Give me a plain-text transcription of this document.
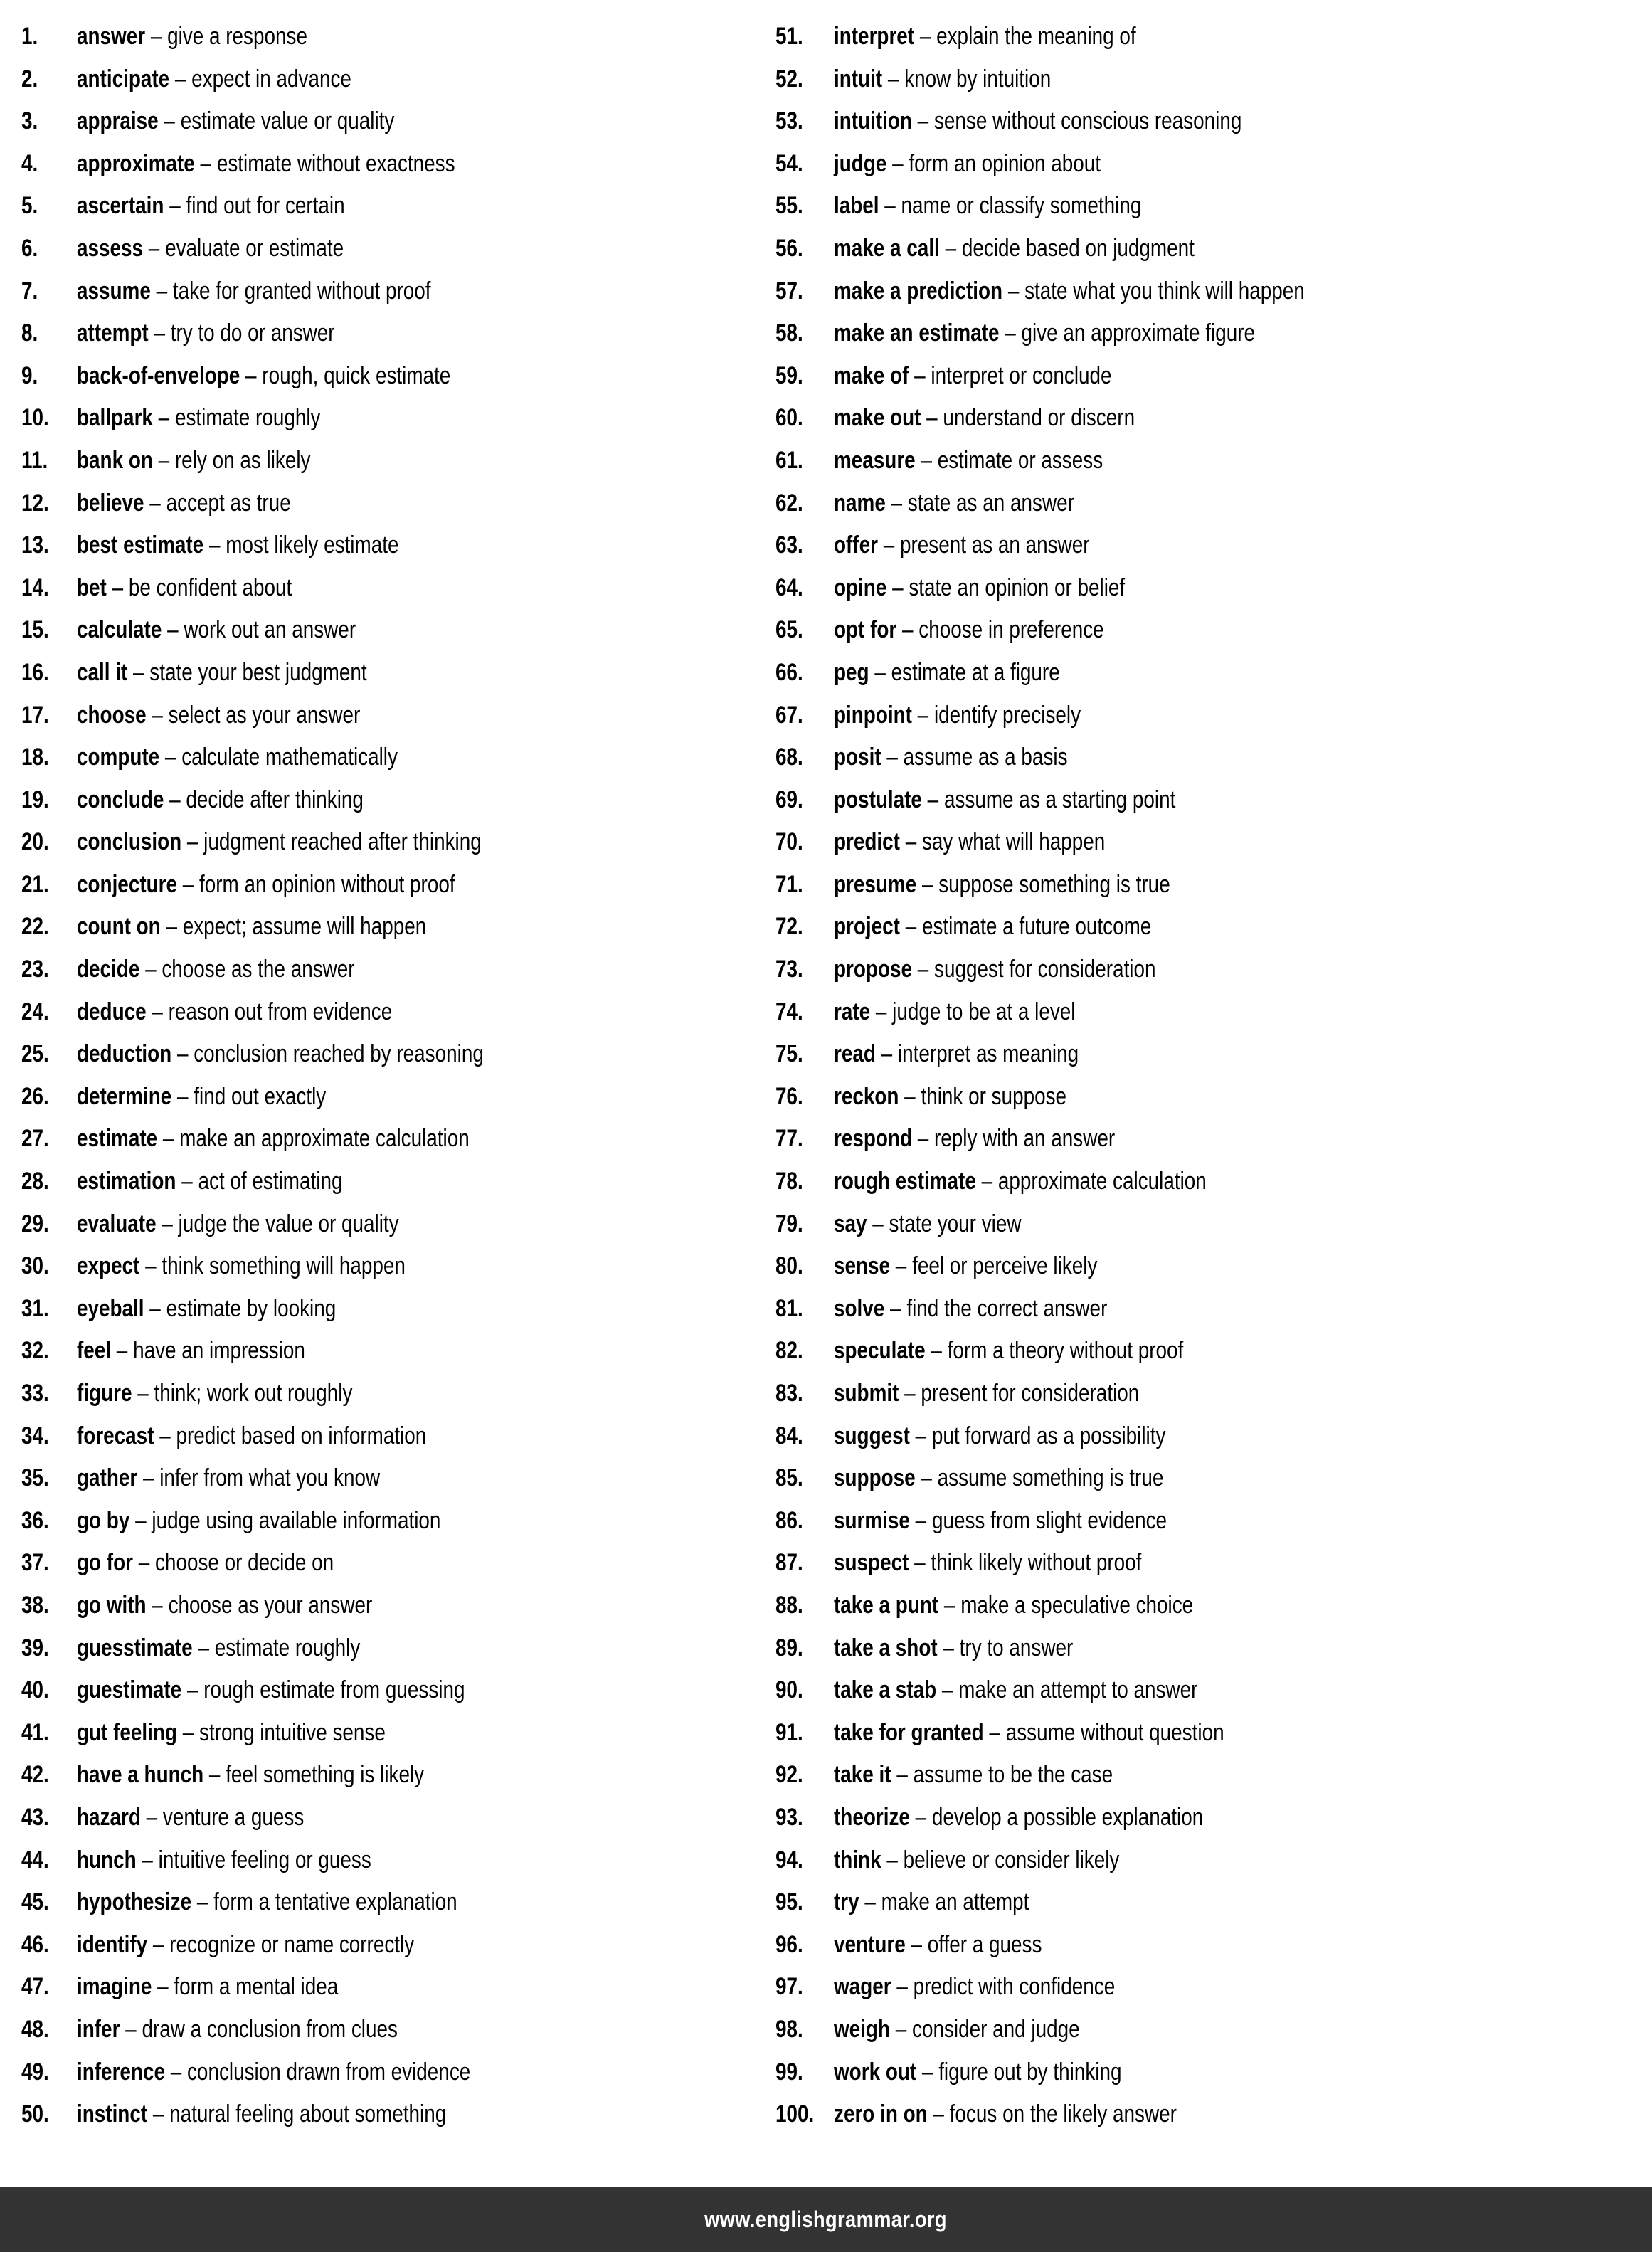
1.	answer – give a response
2.	anticipate – expect in advance
3.	appraise – estimate value or quality
4.	approximate – estimate without exactness
5.	ascertain – find out for certain
6.	assess – evaluate or estimate
7.	assume – take for granted without proof
8.	attempt – try to do or answer
9.	back-of-envelope – rough, quick estimate
10.	ballpark – estimate roughly
11.	bank on – rely on as likely
12.	believe – accept as true
13.	best estimate – most likely estimate
14.	bet – be confident about
15.	calculate – work out an answer
16.	call it – state your best judgment
17.	choose – select as your answer
18.	compute – calculate mathematically
19.	conclude – decide after thinking
20.	conclusion – judgment reached after thinking
21.	conjecture – form an opinion without proof
22.	count on – expect; assume will happen
23.	decide – choose as the answer
24.	deduce – reason out from evidence
25.	deduction – conclusion reached by reasoning
26.	determine – find out exactly
27.	estimate – make an approximate calculation
28.	estimation – act of estimating
29.	evaluate – judge the value or quality
30.	expect – think something will happen
31.	eyeball – estimate by looking
32.	feel – have an impression
33.	figure – think; work out roughly
34.	forecast – predict based on information
35.	gather – infer from what you know
36.	go by – judge using available information
37.	go for – choose or decide on
38.	go with – choose as your answer
39.	guesstimate – estimate roughly
40.	guestimate – rough estimate from guessing
41.	gut feeling – strong intuitive sense
42.	have a hunch – feel something is likely
43.	hazard – venture a guess
44.	hunch – intuitive feeling or guess
45.	hypothesize – form a tentative explanation
46.	identify – recognize or name correctly
47.	imagine – form a mental idea
48.	infer – draw a conclusion from clues
49.	inference – conclusion drawn from evidence
50.	instinct – natural feeling about something
51.	interpret – explain the meaning of
52.	intuit – know by intuition
53.	intuition – sense without conscious reasoning
54.	judge – form an opinion about
55.	label – name or classify something
56.	make a call – decide based on judgment
57.	make a prediction – state what you think will happen
58.	make an estimate – give an approximate figure
59.	make of – interpret or conclude
60.	make out – understand or discern
61.	measure – estimate or assess
62.	name – state as an answer
63.	offer – present as an answer
64.	opine – state an opinion or belief
65.	opt for – choose in preference
66.	peg – estimate at a figure
67.	pinpoint – identify precisely
68.	posit – assume as a basis
69.	postulate – assume as a starting point
70.	predict – say what will happen
71.	presume – suppose something is true
72.	project – estimate a future outcome
73.	propose – suggest for consideration
74.	rate – judge to be at a level
75.	read – interpret as meaning
76.	reckon – think or suppose
77.	respond – reply with an answer
78.	rough estimate – approximate calculation
79.	say – state your view
80.	sense – feel or perceive likely
81.	solve – find the correct answer
82.	speculate – form a theory without proof
83.	submit – present for consideration
84.	suggest – put forward as a possibility
85.	suppose – assume something is true
86.	surmise – guess from slight evidence
87.	suspect – think likely without proof
88.	take a punt – make a speculative choice
89.	take a shot – try to answer
90.	take a stab – make an attempt to answer
91.	take for granted – assume without question
92.	take it – assume to be the case
93.	theorize – develop a possible explanation
94.	think – believe or consider likely
95.	try – make an attempt
96.	venture – offer a guess
97.	wager – predict with confidence
98.	weigh – consider and judge
99.	work out – figure out by thinking
100. zero in on – focus on the likely answer
www.englishgrammar.org
